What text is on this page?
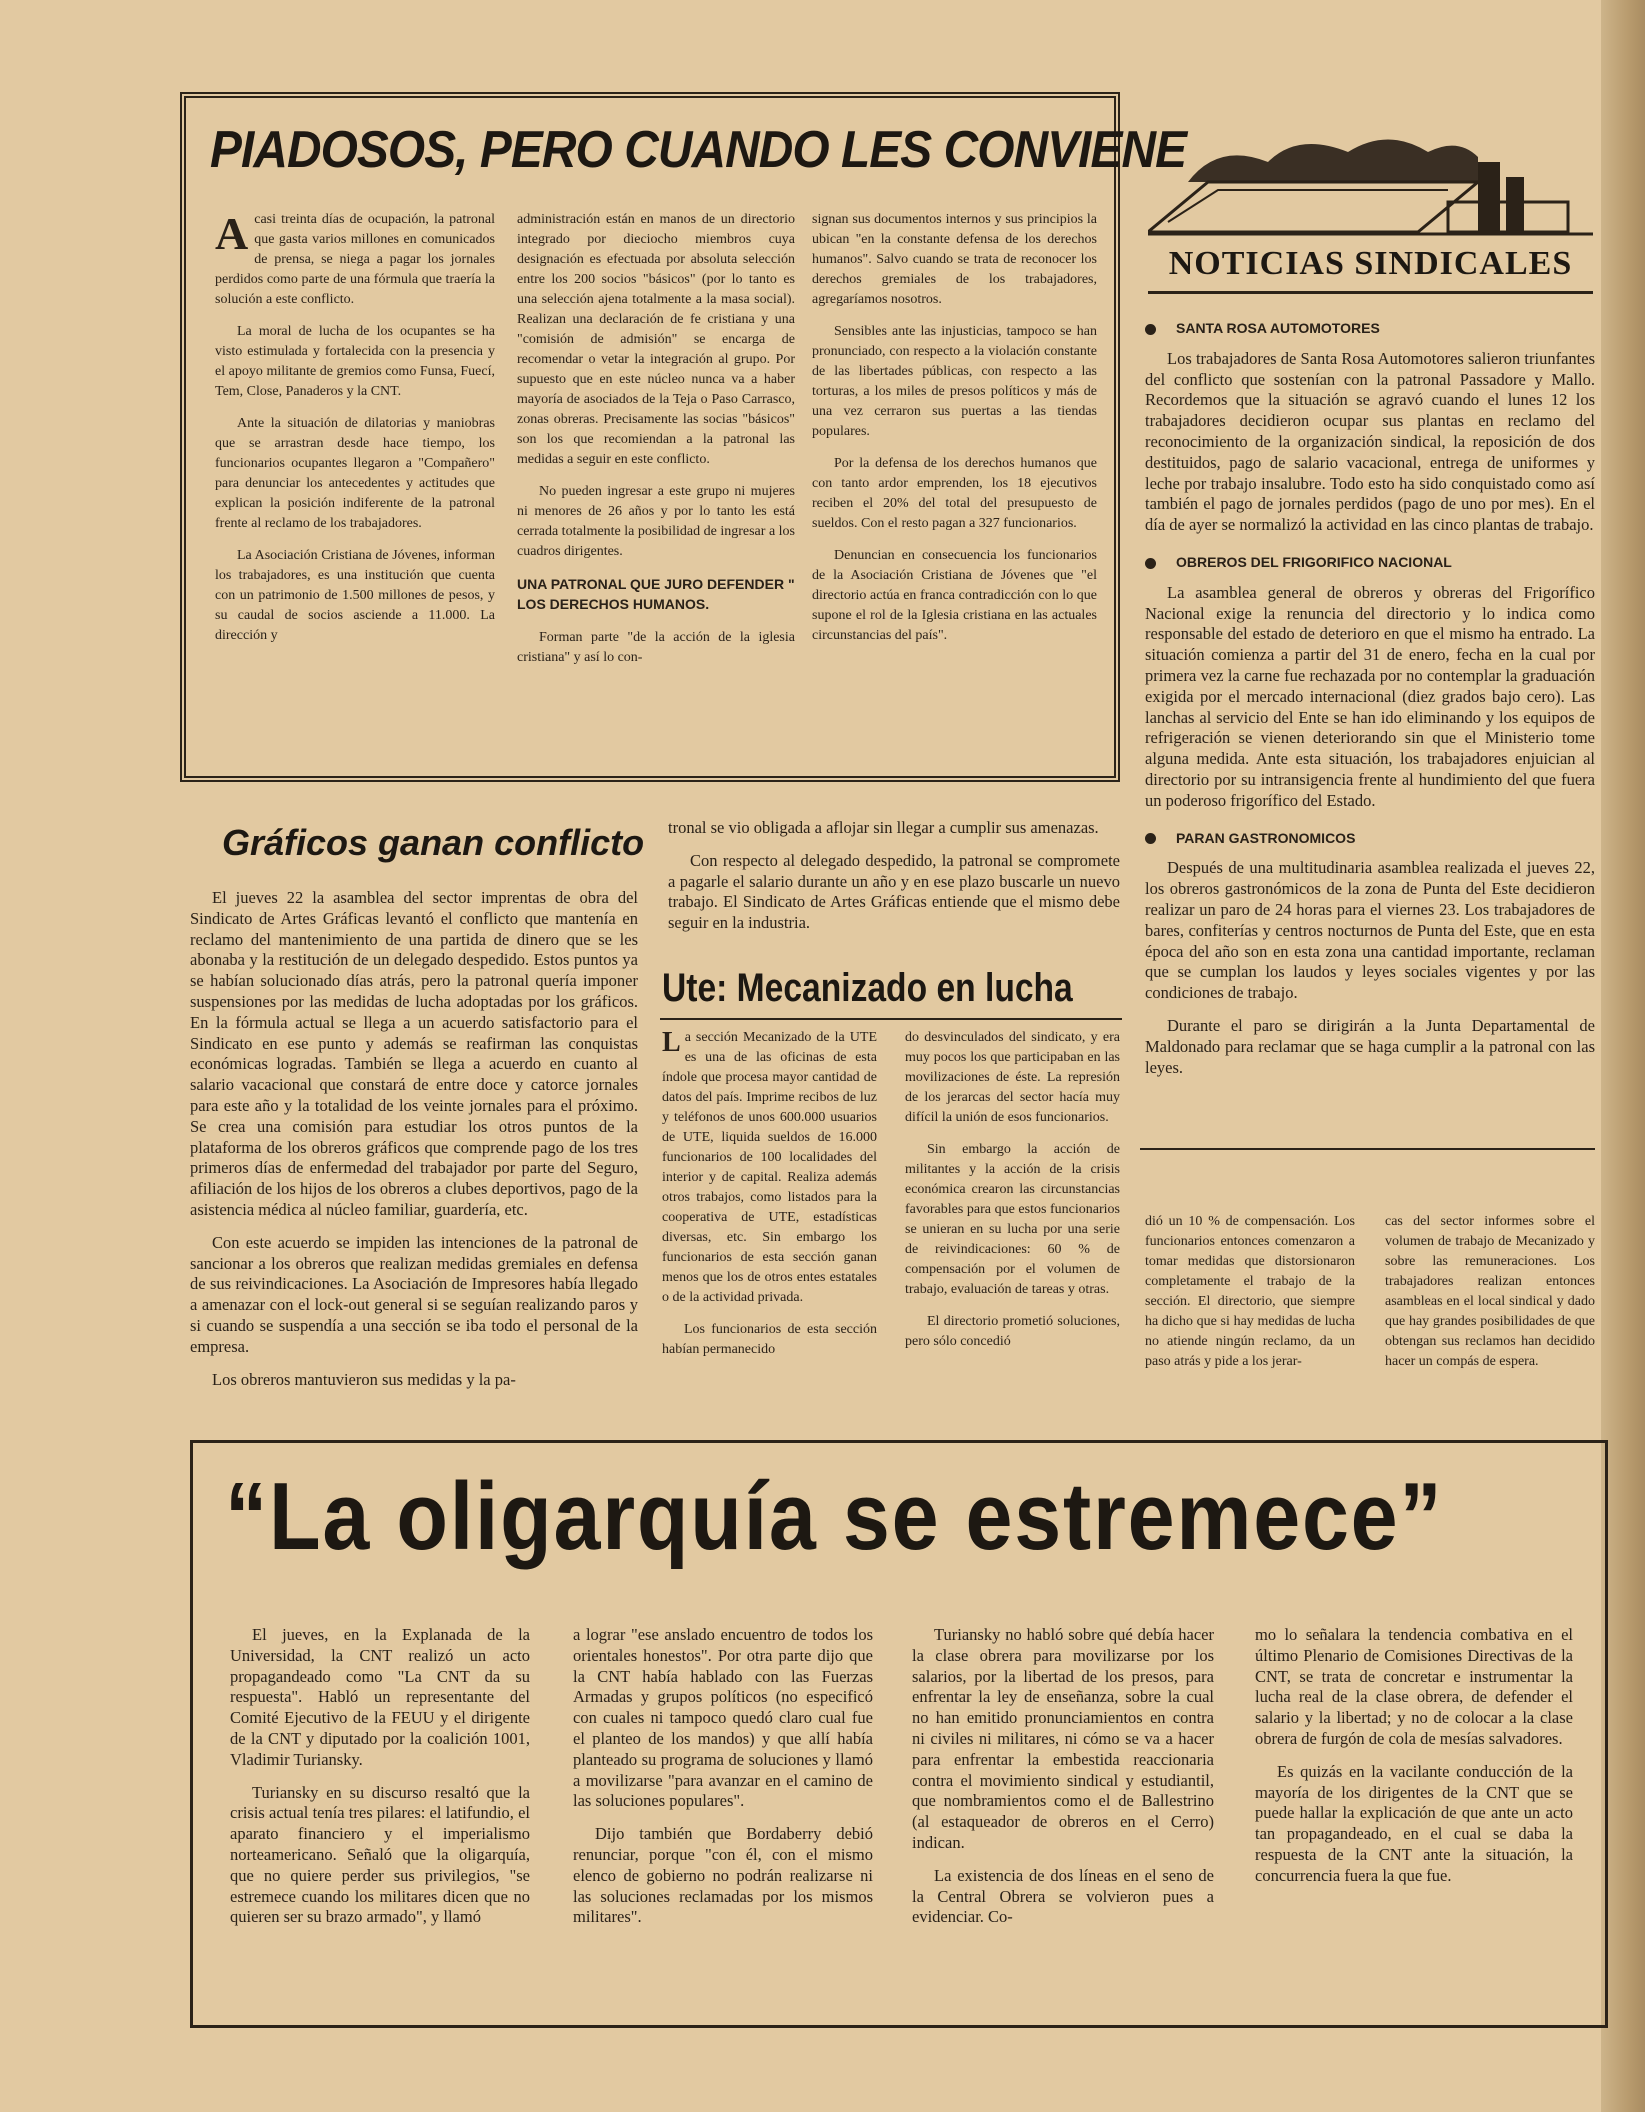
PIADOSOS, PERO CUANDO LES CONVIENE
A casi treinta días de ocupación, la patronal que gasta varios millones en comunicados de prensa, se niega a pagar los jornales perdidos como parte de una fórmula que traería la solución a este conflicto.

La moral de lucha de los ocupantes se ha visto estimulada y fortalecida con la presencia y el apoyo militante de gremios como Funsa, Fuecí, Tem, Close, Panaderos y la CNT.

Ante la situación de dilatorias y maniobras que se arrastran desde hace tiempo, los funcionarios ocupantes llegaron a "Compañero" para denunciar los antecedentes y actitudes que explican la posición indiferente de la patronal frente al reclamo de los trabajadores.

La Asociación Cristiana de Jóvenes, informan los trabajadores, es una institución que cuenta con un patrimonio de 1.500 millones de pesos, y su caudal de socios asciende a 11.000. La dirección y

administración están en manos de un directorio integrado por dieciocho miembros cuya designación es efectuada por absoluta selección entre los 200 socios "básicos" (por lo tanto es una selección ajena totalmente a la masa social). Realizan una declaración de fe cristiana y una "comisión de admisión" se encarga de recomendar o vetar la integración al grupo. Por supuesto que en este núcleo nunca va a haber mayoría de asociados de la Teja o Paso Carrasco, zonas obreras. Precisamente las socias "básicos" son los que recomiendan a la patronal las medidas a seguir en este conflicto.

No pueden ingresar a este grupo ni mujeres ni menores de 26 años y por lo tanto les está cerrada totalmente la posibilidad de ingresar a los cuadros dirigentes.

UNA PATRONAL QUE JURO DEFENDER " LOS DERECHOS HUMANOS.

Forman parte "de la acción de la iglesia cristiana" y así lo con-

signan sus documentos internos y sus principios la ubican "en la constante defensa de los derechos humanos". Salvo cuando se trata de reconocer los derechos gremiales de los trabajadores, agregaríamos nosotros.

Sensibles ante las injusticias, tampoco se han pronunciado, con respecto a la violación constante de las libertades públicas, con respecto a las torturas, a los miles de presos políticos y más de una vez cerraron sus puertas a las tiendas populares.

Por la defensa de los derechos humanos que con tanto ardor emprenden, los 18 ejecutivos reciben el 20% del total del presupuesto de sueldos. Con el resto pagan a 327 funcionarios.

Denuncian en consecuencia los funcionarios de la Asociación Cristiana de Jóvenes que "el directorio actúa en franca contradicción con lo que supone el rol de la Iglesia cristiana en las actuales circunstancias del país".

NOTICIAS SINDICALES
SANTA ROSA AUTOMOTORES

Los trabajadores de Santa Rosa Automotores salieron triunfantes del conflicto que sostenían con la patronal Passadore y Mallo. Recordemos que la situación se agravó cuando el lunes 12 los trabajadores decidieron ocupar sus plantas en reclamo del reconocimiento de la organización sindical, la reposición de dos destituidos, pago de salario vacacional, entrega de uniformes y leche por trabajo insalubre. Todo esto ha sido conquistado como así también el pago de jornales perdidos (pago de uno por mes). En el día de ayer se normalizó la actividad en las cinco plantas de trabajo.

OBREROS DEL FRIGORIFICO NACIONAL

La asamblea general de obreros y obreras del Frigorífico Nacional exige la renuncia del directorio y lo indica como responsable del estado de deterioro en que el mismo ha entrado. La situación comienza a partir del 31 de enero, fecha en la cual por primera vez la carne fue rechazada por no contemplar la graduación exigida por el mercado internacional (diez grados bajo cero). Las lanchas al servicio del Ente se han ido eliminando y los equipos de refrigeración se vienen deteriorando sin que el Ministerio tome alguna medida. Ante esta situación, los trabajadores enjuician al directorio por su intransigencia frente al hundimiento del que fuera un poderoso frigorífico del Estado.

PARAN GASTRONOMICOS

Después de una multitudinaria asamblea realizada el jueves 22, los obreros gastronómicos de la zona de Punta del Este decidieron realizar un paro de 24 horas para el viernes 23. Los trabajadores de bares, confiterías y centros nocturnos de Punta del Este, que en esta época del año son en esta zona una cantidad importante, reclaman que se cumplan los laudos y leyes sociales vigentes y por las condiciones de trabajo.

Durante el paro se dirigirán a la Junta Departamental de Maldonado para reclamar que se haga cumplir a la patronal con las leyes.

Gráficos ganan conflicto

El jueves 22 la asamblea del sector imprentas de obra del Sindicato de Artes Gráficas levantó el conflicto que mantenía en reclamo del mantenimiento de una partida de dinero que se les abonaba y la restitución de un delegado despedido. Estos puntos ya se habían solucionado días atrás, pero la patronal quería imponer suspensiones por las medidas de lucha adoptadas por los gráficos. En la fórmula actual se llega a un acuerdo satisfactorio para el Sindicato en ese punto y además se reafirman las conquistas económicas logradas. También se llega a acuerdo en cuanto al salario vacacional que constará de entre doce y catorce jornales para este año y la totalidad de los veinte jornales para el próximo. Se crea una comisión para estudiar los otros puntos de la plataforma de los obreros gráficos que comprende pago de los tres primeros días de enfermedad del trabajador por parte del Seguro, afiliación de los hijos de los obreros a clubes deportivos, pago de la asistencia médica al núcleo familiar, guardería, etc.

Con este acuerdo se impiden las intenciones de la patronal de sancionar a los obreros que realizan medidas gremiales en defensa de sus reivindicaciones. La Asociación de Impresores había llegado a amenazar con el lock-out general si se seguían realizando paros y si cuando se suspendía a una sección se iba todo el personal de la empresa.

Los obreros mantuvieron sus medidas y la pa-

tronal se vio obligada a aflojar sin llegar a cumplir sus amenazas.

Con respecto al delegado despedido, la patronal se compromete a pagarle el salario durante un año y en ese plazo buscarle un nuevo trabajo. El Sindicato de Artes Gráficas entiende que el mismo debe seguir en la industria.

Ute: Mecanizado en lucha
L a sección Mecanizado de la UTE es una de las oficinas de esta índole que procesa mayor cantidad de datos del país. Imprime recibos de luz y teléfonos de unos 600.000 usuarios de UTE, liquida sueldos de 16.000 funcionarios de 100 localidades del interior y de capital. Realiza además otros trabajos, como listados para la cooperativa de UTE, estadísticas diversas, etc. Sin embargo los funcionarios de esta sección ganan menos que los de otros entes estatales o de la actividad privada.

Los funcionarios de esta sección habían permanecido

do desvinculados del sindicato, y era muy pocos los que participaban en las movilizaciones de éste. La represión de los jerarcas del sector hacía muy difícil la unión de esos funcionarios.

Sin embargo la acción de militantes y la acción de la crisis económica crearon las circunstancias favorables para que estos funcionarios se unieran en su lucha por una serie de reivindicaciones: 60 % de compensación por el volumen de trabajo, evaluación de tareas y otras.

El directorio prometió soluciones, pero sólo concedió

dió un 10 % de compensación. Los funcionarios entonces comenzaron a tomar medidas que distorsionaron completamente el trabajo de la sección. El directorio, que siempre ha dicho que si hay medidas de lucha no atiende ningún reclamo, da un paso atrás y pide a los jerar-

cas del sector informes sobre el volumen de trabajo de Mecanizado y sobre las remuneraciones. Los trabajadores realizan entonces asambleas en el local sindical y dado que hay grandes posibilidades de que obtengan sus reclamos han decidido hacer un compás de espera.

“La oligarquía se estremece”

El jueves, en la Explanada de la Universidad, la CNT realizó un acto propagandeado como "La CNT da su respuesta". Habló un representante del Comité Ejecutivo de la FEUU y el dirigente de la CNT y diputado por la coalición 1001, Vladimir Turiansky.

Turiansky en su discurso resaltó que la crisis actual tenía tres pilares: el latifundio, el aparato financiero y el imperialismo norteamericano. Señaló que la oligarquía, que no quiere perder sus privilegios, "se estremece cuando los militares dicen que no quieren ser su brazo armado", y llamó

a lograr "ese anslado encuentro de todos los orientales honestos". Por otra parte dijo que la CNT había hablado con las Fuerzas Armadas y grupos políticos (no especificó con cuales ni tampoco quedó claro cual fue el planteo de los mandos) y que allí había planteado su programa de soluciones y llamó a movilizarse "para avanzar en el camino de las soluciones populares".

Dijo también que Bordaberry debió renunciar, porque "con él, con el mismo elenco de gobierno no podrán realizarse ni las soluciones reclamadas por los mismos militares".

Turiansky no habló sobre qué debía hacer la clase obrera para movilizarse por los salarios, por la libertad de los presos, para enfrentar la ley de enseñanza, sobre la cual no han emitido pronunciamientos en contra ni civiles ni militares, ni cómo se va a hacer para enfrentar la embestida reaccionaria contra el movimiento sindical y estudiantil, que nombramientos como el de Ballestrino (al estaqueador de obreros en el Cerro) indican.

La existencia de dos líneas en el seno de la Central Obrera se volvieron pues a evidenciar. Co-

mo lo señalara la tendencia combativa en el último Plenario de Comisiones Directivas de la CNT, se trata de concretar e instrumentar la lucha real de la clase obrera, de defender el salario y la libertad; y no de colocar a la clase obrera de furgón de cola de mesías salvadores.

Es quizás en la vacilante conducción de la mayoría de los dirigentes de la CNT que se puede hallar la explicación de que ante un acto tan propagandeado, en el cual se daba la respuesta de la CNT ante la situación, la concurrencia fuera la que fue.
